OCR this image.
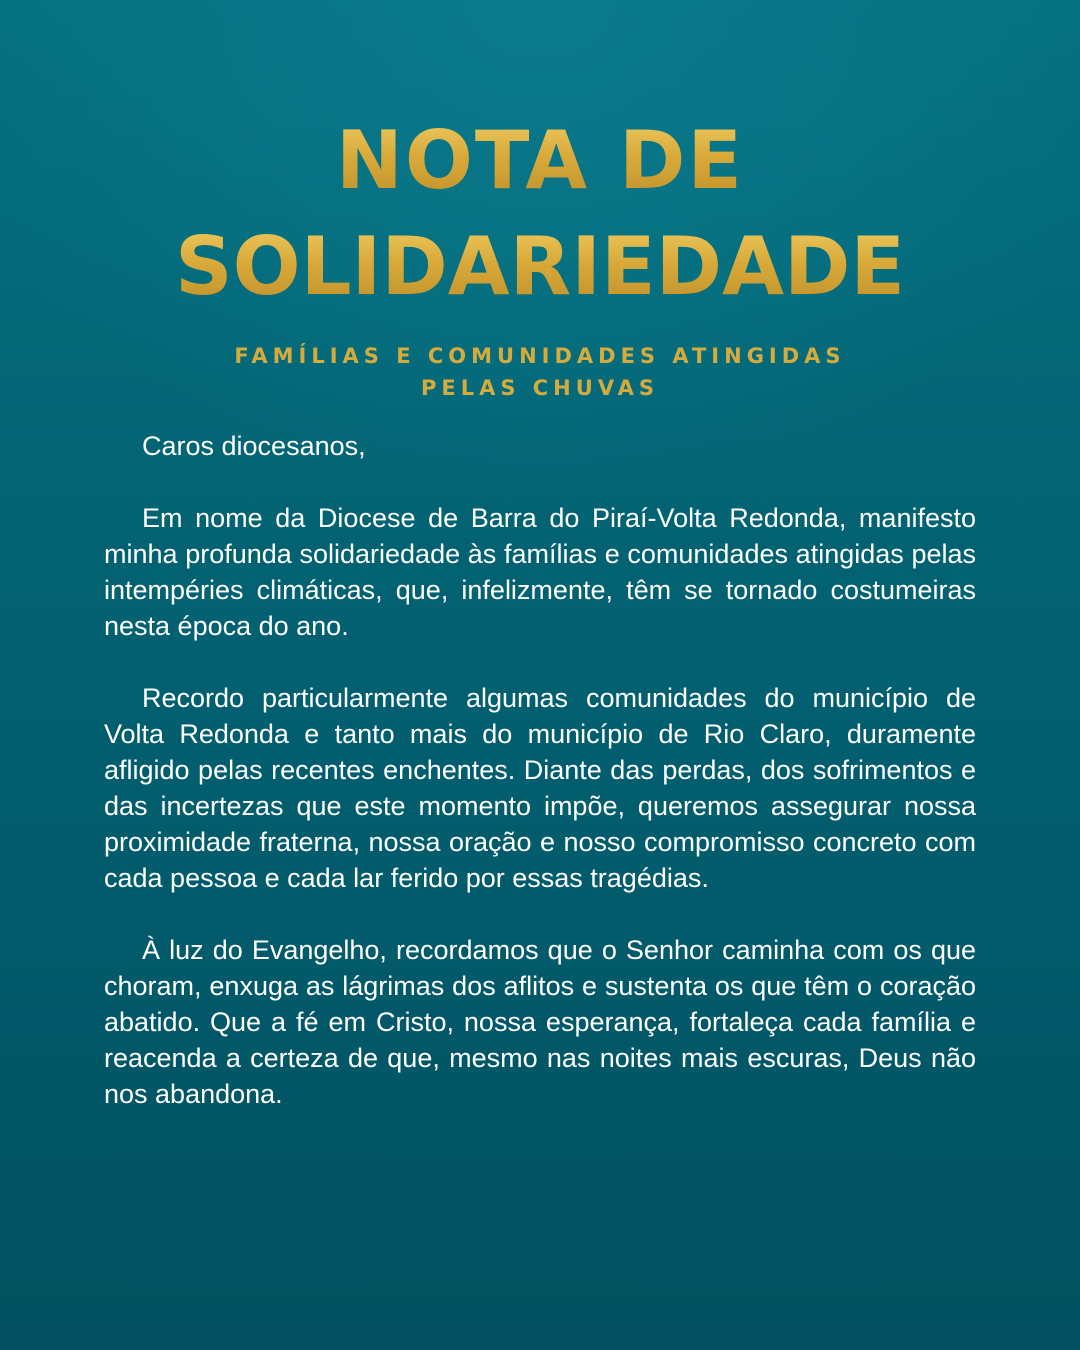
NOTA DE
SOLIDARIEDADE
FAMÍLIAS E COMUNIDADES ATINGIDAS
PELAS CHUVAS

Caros diocesanos,

Em nome da Diocese de Barra do Piraí-Volta Redonda, manifesto minha profunda solidariedade às famílias e comunidades atingidas pelas intempéries climáticas, que, infelizmente, têm se tornado costumeiras nesta época do ano.

Recordo particularmente algumas comunidades do município de Volta Redonda e tanto mais do município de Rio Claro, duramente afligido pelas recentes enchentes. Diante das perdas, dos sofrimentos e das incertezas que este momento impõe, queremos assegurar nossa proximidade fraterna, nossa oração e nosso compromisso concreto com cada pessoa e cada lar ferido por essas tragédias.

À luz do Evangelho, recordamos que o Senhor caminha com os que choram, enxuga as lágrimas dos aflitos e sustenta os que têm o coração abatido. Que a fé em Cristo, nossa esperança, fortaleça cada família e reacenda a certeza de que, mesmo nas noites mais escuras, Deus não nos abandona.
